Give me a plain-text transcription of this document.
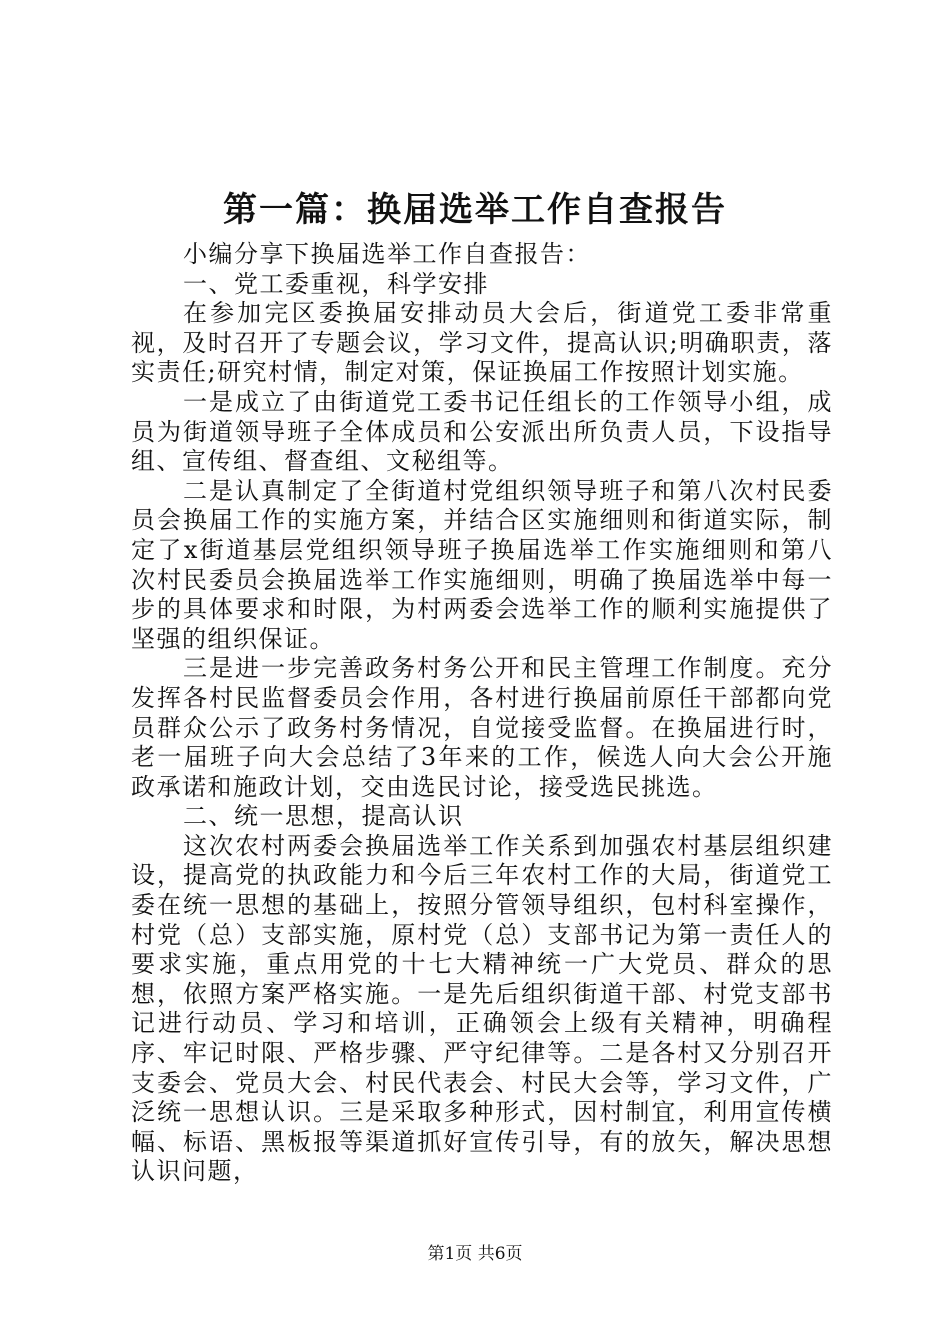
第一篇：换届选举工作自查报告

小编分享下换届选举工作自查报告：

一、党工委重视，科学安排

在参加完区委换届安排动员大会后，街道党工委非常重视，及时召开了专题会议，学习文件，提高认识;明确职责，落实责任;研究村情，制定对策，保证换届工作按照计划实施。

一是成立了由街道党工委书记任组长的工作领导小组，成员为街道领导班子全体成员和公安派出所负责人员，下设指导组、宣传组、督查组、文秘组等。

二是认真制定了全街道村党组织领导班子和第八次村民委员会换届工作的实施方案，并结合区实施细则和街道实际，制定了x街道基层党组织领导班子换届选举工作实施细则和第八次村民委员会换届选举工作实施细则，明确了换届选举中每一步的具体要求和时限，为村两委会选举工作的顺利实施提供了坚强的组织保证。

三是进一步完善政务村务公开和民主管理工作制度。充分发挥各村民监督委员会作用，各村进行换届前原任干部都向党员群众公示了政务村务情况，自觉接受监督。在换届进行时，老一届班子向大会总结了3年来的工作，候选人向大会公开施政承诺和施政计划，交由选民讨论，接受选民挑选。

二、统一思想，提高认识

这次农村两委会换届选举工作关系到加强农村基层组织建设，提高党的执政能力和今后三年农村工作的大局，街道党工委在统一思想的基础上，按照分管领导组织，包村科室操作，村党（总）支部实施，原村党（总）支部书记为第一责任人的要求实施，重点用党的十七大精神统一广大党员、群众的思想，依照方案严格实施。一是先后组织街道干部、村党支部书记进行动员、学习和培训，正确领会上级有关精神，明确程序、牢记时限、严格步骤、严守纪律等。二是各村又分别召开支委会、党员大会、村民代表会、村民大会等，学习文件，广泛统一思想认识。三是采取多种形式，因村制宜，利用宣传横幅、标语、黑板报等渠道抓好宣传引导，有的放矢，解决思想认识问题，

第1页 共6页
